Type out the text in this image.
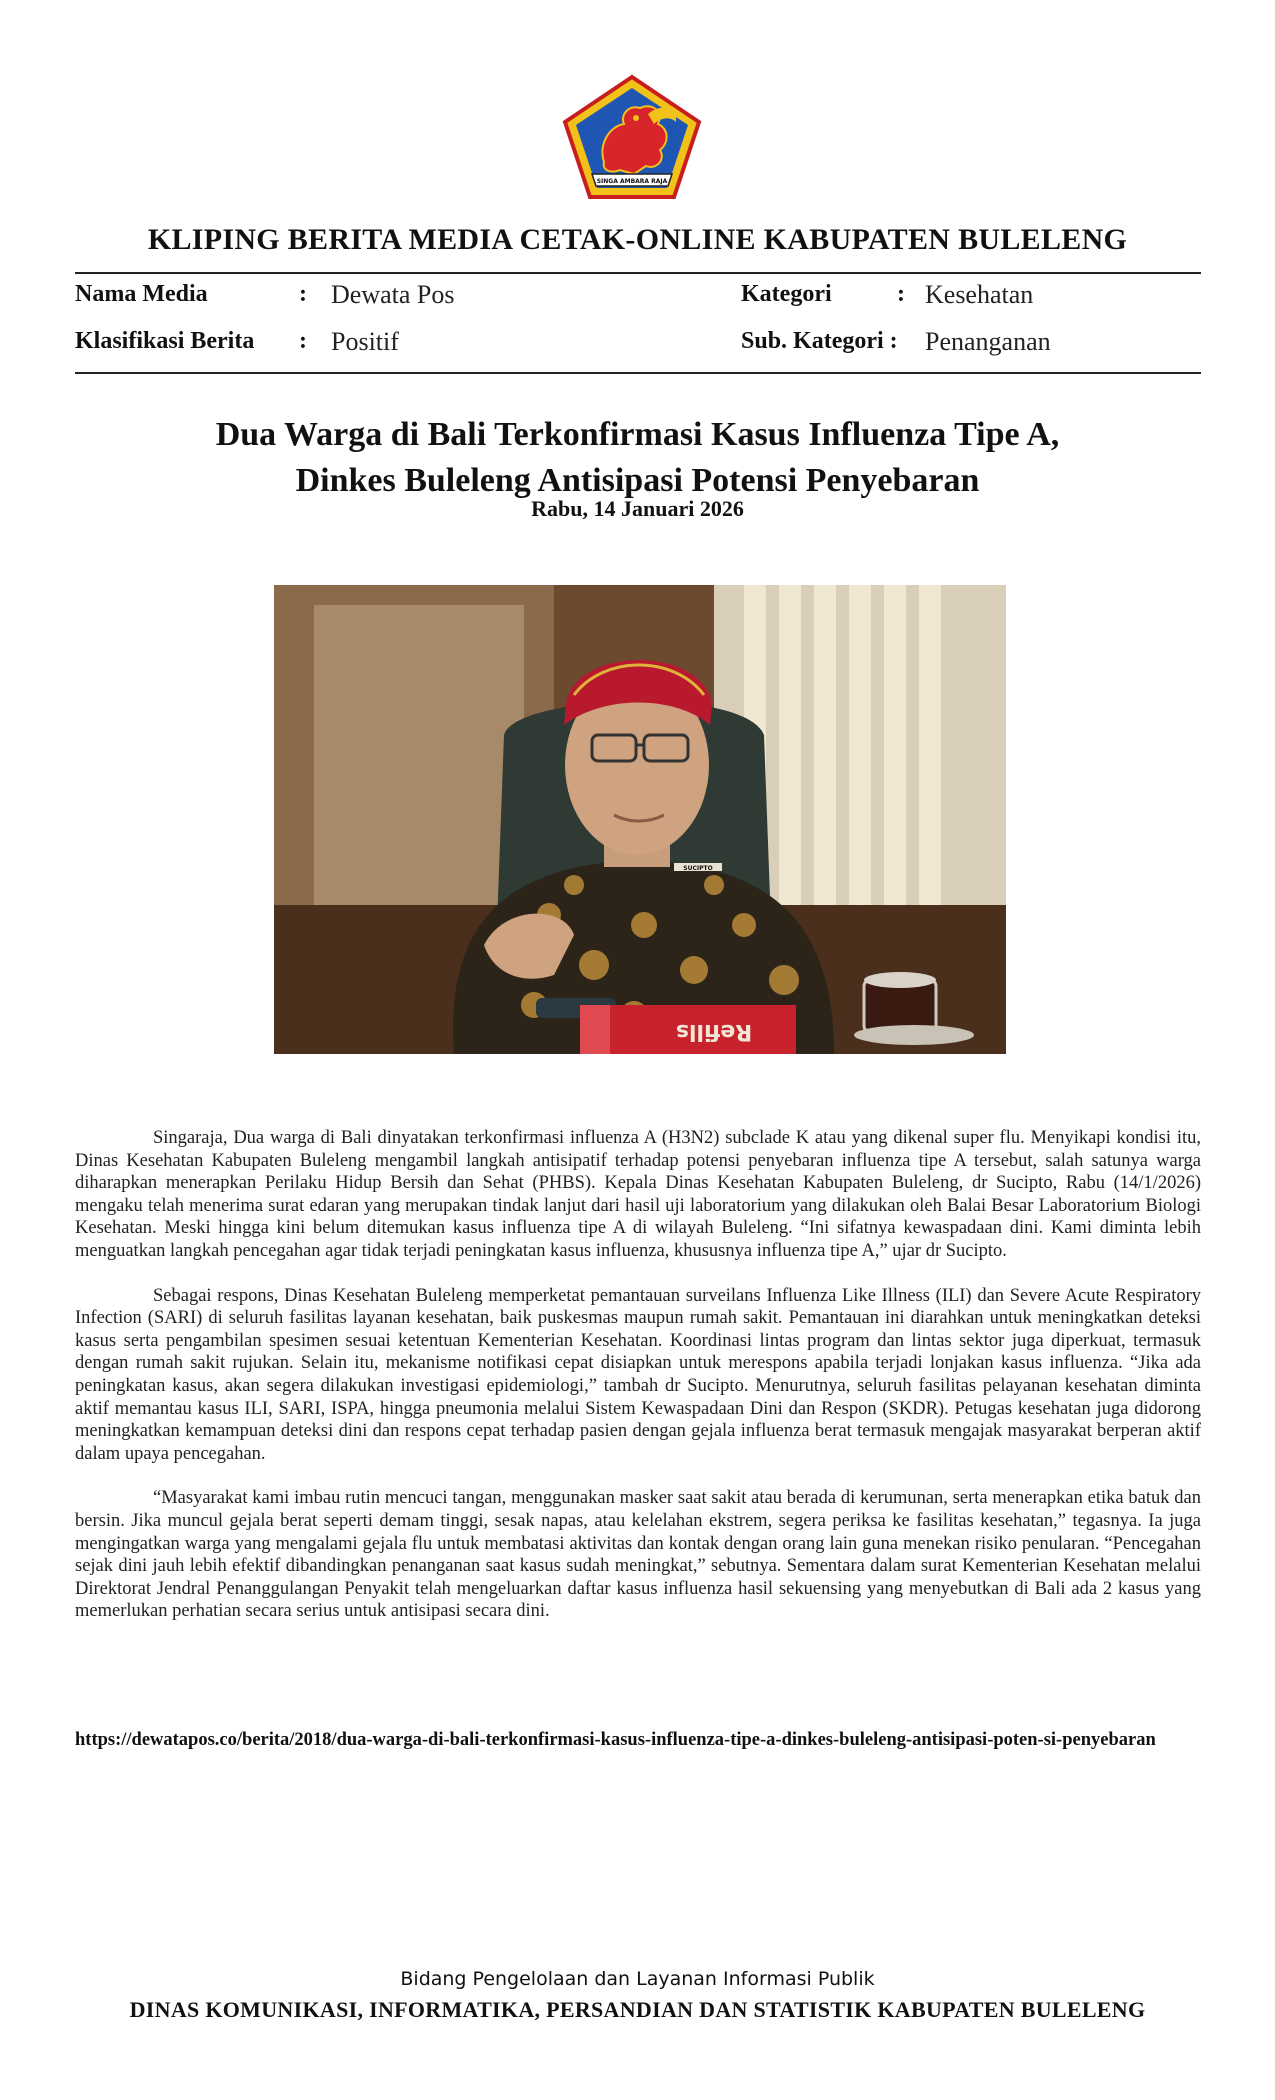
SINGA AMBARA RAJA
KLIPING BERITA MEDIA CETAK-ONLINE KABUPATEN BULELENG
Nama Media	: Dewata Pos
Klasifikasi Berita : Positif
Kategori	: Kesehatan
Sub. Kategori : Penanganan
Dua Warga di Bali Terkonfirmasi Kasus Influenza Tipe A,
Dinkes Buleleng Antisipasi Potensi Penyebaran
Rabu, 14 Januari 2026
Refills
SUCIPTO

Singaraja, Dua warga di Bali dinyatakan terkonfirmasi influenza A (H3N2) subclade K atau yang dikenal super flu. Menyikapi kondisi itu, Dinas Kesehatan Kabupaten Buleleng mengambil langkah antisipatif terhadap potensi penyebaran influenza tipe A tersebut, salah satunya warga diharapkan menerapkan Perilaku Hidup Bersih dan Sehat (PHBS). Kepala Dinas Kesehatan Kabupaten Buleleng, dr Sucipto, Rabu (14/1/2026) mengaku telah menerima surat edaran yang merupakan tindak lanjut dari hasil uji laboratorium yang dilakukan oleh Balai Besar Laboratorium Biologi Kesehatan. Meski hingga kini belum ditemukan kasus influenza tipe A di wilayah Buleleng. “Ini sifatnya kewaspadaan dini. Kami diminta lebih menguatkan langkah pencegahan agar tidak terjadi peningkatan kasus influenza, khususnya influenza tipe A,” ujar dr Sucipto.

Sebagai respons, Dinas Kesehatan Buleleng memperketat pemantauan surveilans Influenza Like Illness (ILI) dan Severe Acute Respiratory Infection (SARI) di seluruh fasilitas layanan kesehatan, baik puskesmas maupun rumah sakit. Pemantauan ini diarahkan untuk meningkatkan deteksi kasus serta pengambilan spesimen sesuai ketentuan Kementerian Kesehatan. Koordinasi lintas program dan lintas sektor juga diperkuat, termasuk dengan rumah sakit rujukan. Selain itu, mekanisme notifikasi cepat disiapkan untuk merespons apabila terjadi lonjakan kasus influenza. “Jika ada peningkatan kasus, akan segera dilakukan investigasi epidemiologi,” tambah dr Sucipto. Menurutnya, seluruh fasilitas pelayanan kesehatan diminta aktif memantau kasus ILI, SARI, ISPA, hingga pneumonia melalui Sistem Kewaspadaan Dini dan Respon (SKDR). Petugas kesehatan juga didorong meningkatkan kemampuan deteksi dini dan respons cepat terhadap pasien dengan gejala influenza berat termasuk mengajak masyarakat berperan aktif dalam upaya pencegahan.

“Masyarakat kami imbau rutin mencuci tangan, menggunakan masker saat sakit atau berada di kerumunan, serta menerapkan etika batuk dan bersin. Jika muncul gejala berat seperti demam tinggi, sesak napas, atau kelelahan ekstrem, segera periksa ke fasilitas kesehatan,” tegasnya. Ia juga mengingatkan warga yang mengalami gejala flu untuk membatasi aktivitas dan kontak dengan orang lain guna menekan risiko penularan. “Pencegahan sejak dini jauh lebih efektif dibandingkan penanganan saat kasus sudah meningkat,” sebutnya. Sementara dalam surat Kementerian Kesehatan melalui Direktorat Jendral Penanggulangan Penyakit telah mengeluarkan daftar kasus influenza hasil sekuensing yang menyebutkan di Bali ada 2 kasus yang memerlukan perhatian secara serius untuk antisipasi secara dini.

https://dewatapos.co/berita/2018/dua-warga-di-bali-terkonfirmasi-kasus-influenza-tipe-a-dinkes-buleleng-antisipasi-poten-si-penyebaran
Bidang Pengelolaan dan Layanan Informasi Publik
DINAS KOMUNIKASI, INFORMATIKA, PERSANDIAN DAN STATISTIK KABUPATEN BULELENG
